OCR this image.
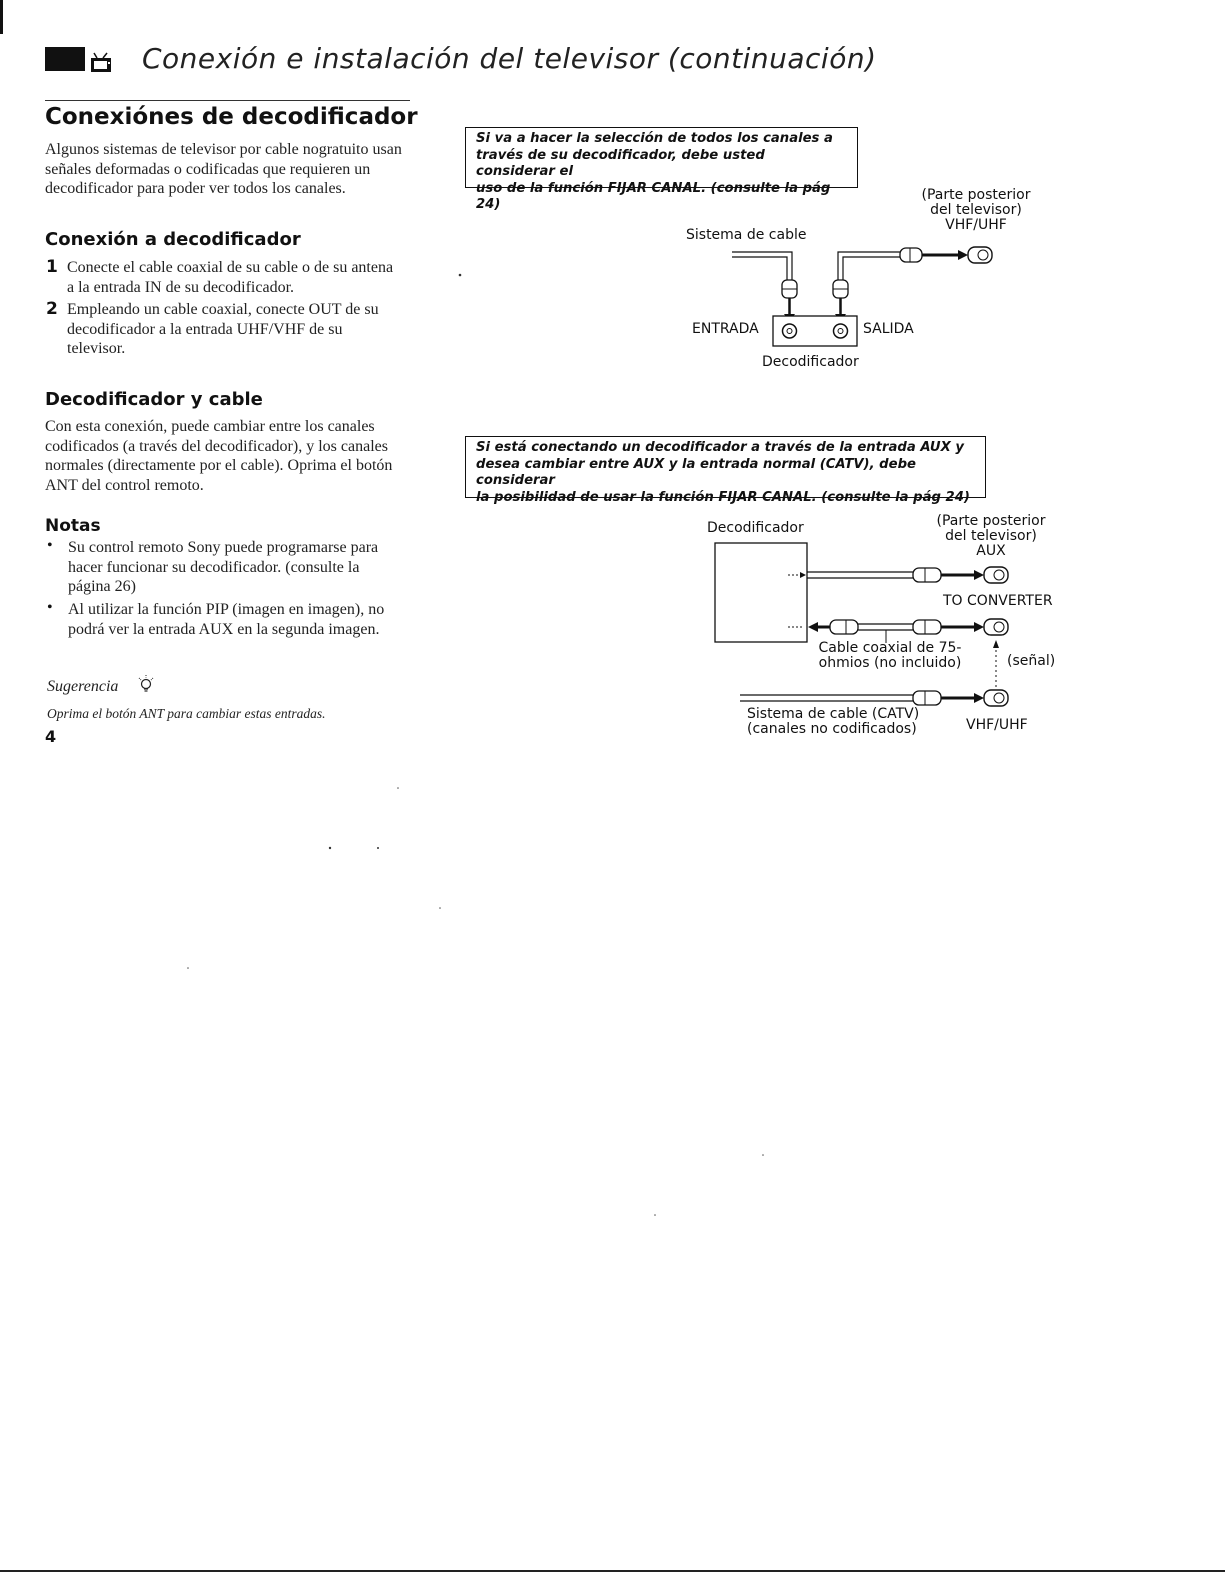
Conexión e instalación del televisor (continuación)
Conexiónes de decodificador

Algunos sistemas de televisor por cable nogratuito usan señales deformadas o codificadas que requieren un decodificador para poder ver todos los canales.

Conexión a decodificador
1 Conecte el cable coaxial de su cable o de su antena a la entrada IN de su decodificador.

2 Empleando un cable coaxial, conecte OUT de su decodificador a la entrada UHF/VHF de su televisor.

Decodificador y cable

Con esta conexión, puede cambiar entre los canales codificados (a través del decodificador), y los canales normales (directamente por el cable). Oprima el botón ANT del control remoto.

Notas
• Su control remoto Sony puede programarse para hacer funcionar su decodificador. (consulte la página 26)

• Al utilizar la función PIP (imagen en imagen), no podrá ver la entrada AUX en la segunda imagen.

Sugerencia
Oprima el botón ANT para cambiar estas entradas.
4
Si va a hacer la selección de todos los canales a
través de su decodificador, debe usted considerar el
uso de la función FIJAR CANAL. (consulte la pág 24)
(Parte posterior
del televisor)
VHF/UHF
Sistema de cable
ENTRADA	SALIDA
Decodificador
Si está conectando un decodificador a través de la entrada AUX y
desea cambiar entre AUX y la entrada normal (CATV), debe considerar
la posibilidad de usar la función FIJAR CANAL. (consulte la pág 24)
Decodificador	(Parte posterior
del televisor)
AUX
TO CONVERTER
Cable coaxial de 75-
ohmios (no incluido)	(señal)
Sistema de cable (CATV)
(canales no codificados)	VHF/UHF
